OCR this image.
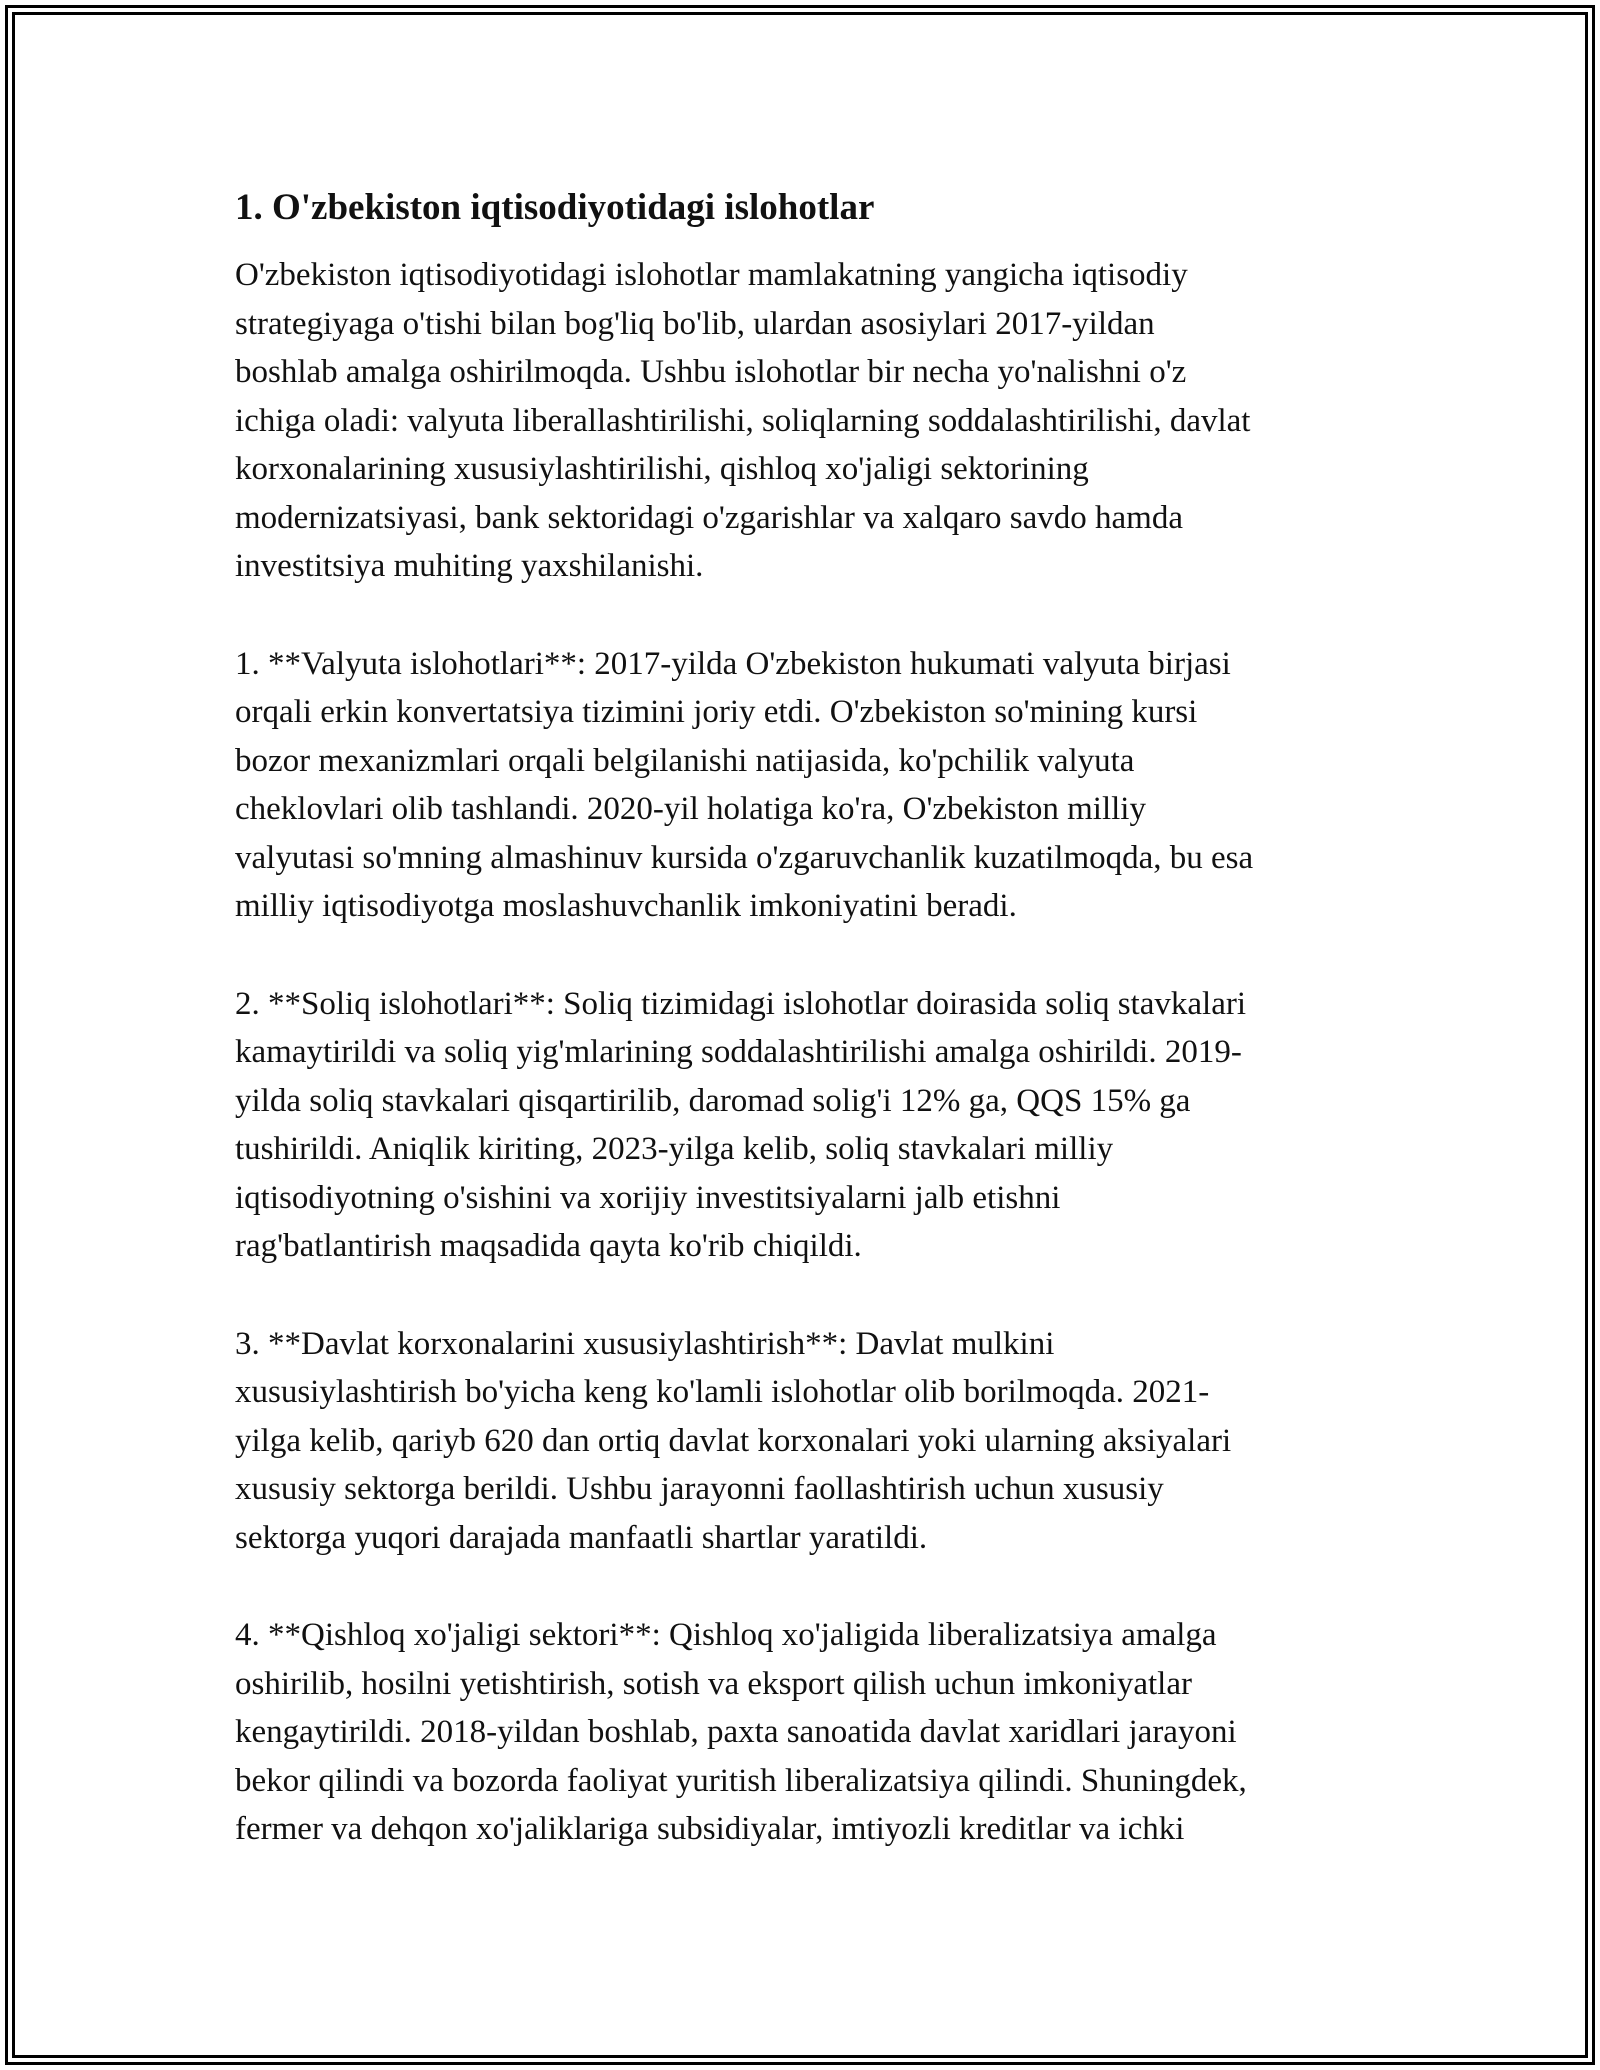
1. O'zbekiston iqtisodiyotidagi islohotlar

O'zbekiston iqtisodiyotidagi islohotlar mamlakatning yangicha iqtisodiy
strategiyaga o'tishi bilan bog'liq bo'lib, ulardan asosiylari 2017-yildan
boshlab amalga oshirilmoqda. Ushbu islohotlar bir necha yo'nalishni o'z
ichiga oladi: valyuta liberallashtirilishi, soliqlarning soddalashtirilishi, davlat
korxonalarining xususiylashtirilishi, qishloq xo'jaligi sektorining
modernizatsiyasi, bank sektoridagi o'zgarishlar va xalqaro savdo hamda
investitsiya muhiting yaxshilanishi.

1. **Valyuta islohotlari**: 2017-yilda O'zbekiston hukumati valyuta birjasi
orqali erkin konvertatsiya tizimini joriy etdi. O'zbekiston so'mining kursi
bozor mexanizmlari orqali belgilanishi natijasida, ko'pchilik valyuta
cheklovlari olib tashlandi. 2020-yil holatiga ko'ra, O'zbekiston milliy
valyutasi so'mning almashinuv kursida o'zgaruvchanlik kuzatilmoqda, bu esa
milliy iqtisodiyotga moslashuvchanlik imkoniyatini beradi.

2. **Soliq islohotlari**: Soliq tizimidagi islohotlar doirasida soliq stavkalari
kamaytirildi va soliq yig'mlarining soddalashtirilishi amalga oshirildi. 2019-
yilda soliq stavkalari qisqartirilib, daromad solig'i 12% ga, QQS 15% ga
tushirildi. Aniqlik kiriting, 2023-yilga kelib, soliq stavkalari milliy
iqtisodiyotning o'sishini va xorijiy investitsiyalarni jalb etishni
rag'batlantirish maqsadida qayta ko'rib chiqildi.

3. **Davlat korxonalarini xususiylashtirish**: Davlat mulkini
xususiylashtirish bo'yicha keng ko'lamli islohotlar olib borilmoqda. 2021-
yilga kelib, qariyb 620 dan ortiq davlat korxonalari yoki ularning aksiyalari
xususiy sektorga berildi. Ushbu jarayonni faollashtirish uchun xususiy
sektorga yuqori darajada manfaatli shartlar yaratildi.

4. **Qishloq xo'jaligi sektori**: Qishloq xo'jaligida liberalizatsiya amalga
oshirilib, hosilni yetishtirish, sotish va eksport qilish uchun imkoniyatlar
kengaytirildi. 2018-yildan boshlab, paxta sanoatida davlat xaridlari jarayoni
bekor qilindi va bozorda faoliyat yuritish liberalizatsiya qilindi. Shuningdek,
fermer va dehqon xo'jaliklariga subsidiyalar, imtiyozli kreditlar va ichki
